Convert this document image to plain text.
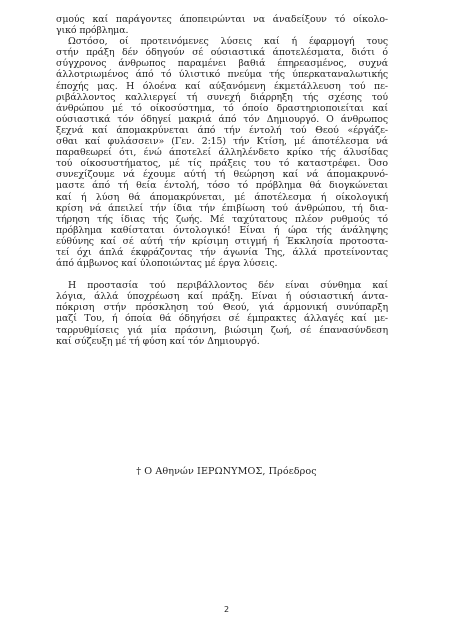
σμούς καί παράγοντες άποπειρώνται να άναδείξουν τό οίκολο-
γικό πρόβλημα.
Ωστόσο, οί προτεινόμενες λύσεις καί ή έφαρμογή τους
στήν πράξη δέν όδηγούν σέ ούσιαστικά άποτελέσματα, διότι ό
σύγχρονος άνθρωπος παραμένει βαθιά έπηρεασμένος, συχνά
άλλοτριωμένος άπό τό ύλιστικό πνεύμα τής ύπερκαταναλωτικής
έποχής μας. Η όλοένα καί αύξανόμενη έκμετάλλευση τού πε-
ριβάλλοντος καλλιεργεί τή συνεχή διάρρηξη τής σχέσης τού
άνθρώπου μέ τό οίκοσύστημα, τό όποίο δραστηριοποιείται καί
ούσιαστικά τόν όδηγεί μακριά άπό τόν Δημιουργό. Ο άνθρωπος
ξεχνά καί άπομακρύνεται άπό τήν έντολή τού Θεού «έργάζε-
σθαι καί φυλάσσειν» (Γεν. 2:15) τήν Κτίση, μέ άποτέλεσμα νά
παραθεωρεί ότι, ένώ άποτελεί άλληλένδετο κρίκο τής άλυσίδας
τού οίκοσυστήματος, μέ τίς πράξεις του τό καταστρέφει. Όσο
συνεχίζουμε νά έχουμε αύτή τή θεώρηση καί νά άπομακρυνό-
μαστε άπό τή θεία έντολή, τόσο τό πρόβλημα θά διογκώνεται
καί ή λύση θά άπομακρύνεται, μέ άποτέλεσμα ή οίκολογική
κρίση νά άπειλεί τήν ίδια τήν έπιβίωση τού άνθρώπου, τή δια-
τήρηση τής ίδιας τής ζωής. Μέ ταχύτατους πλέον ρυθμούς τό
πρόβλημα καθίσταται όντολογικό! Είναι ή ώρα τής άνάληψης
εύθύνης καί σέ αύτή τήν κρίσιμη στιγμή ή Έκκλησία προτοστα-
τεί όχι άπλά έκφράζοντας τήν άγωνία Της, άλλά προτείνοντας
άπό άμβωνος καί ύλοποιώντας μέ έργα λύσεις.
Η προστασία τού περιβάλλοντος δέν είναι σύνθημα καί
λόγια, άλλά ύποχρέωση καί πράξη. Είναι ή ούσιαστική άντα-
πόκριση στήν πρόσκληση τού Θεού, γιά άρμονική συνύπαρξη
μαζί Του, ή όποία θά όδηγήσει σέ έμπρακτες άλλαγές καί με-
ταρρυθμίσεις γιά μία πράσινη, βιώσιμη ζωή, σέ έπανασύνδεση
καί σύζευξη μέ τή φύση καί τόν Δημιουργό.
† Ο Αθηνών ΙΕΡΩΝΥΜΟΣ, Πρόεδρος
2
